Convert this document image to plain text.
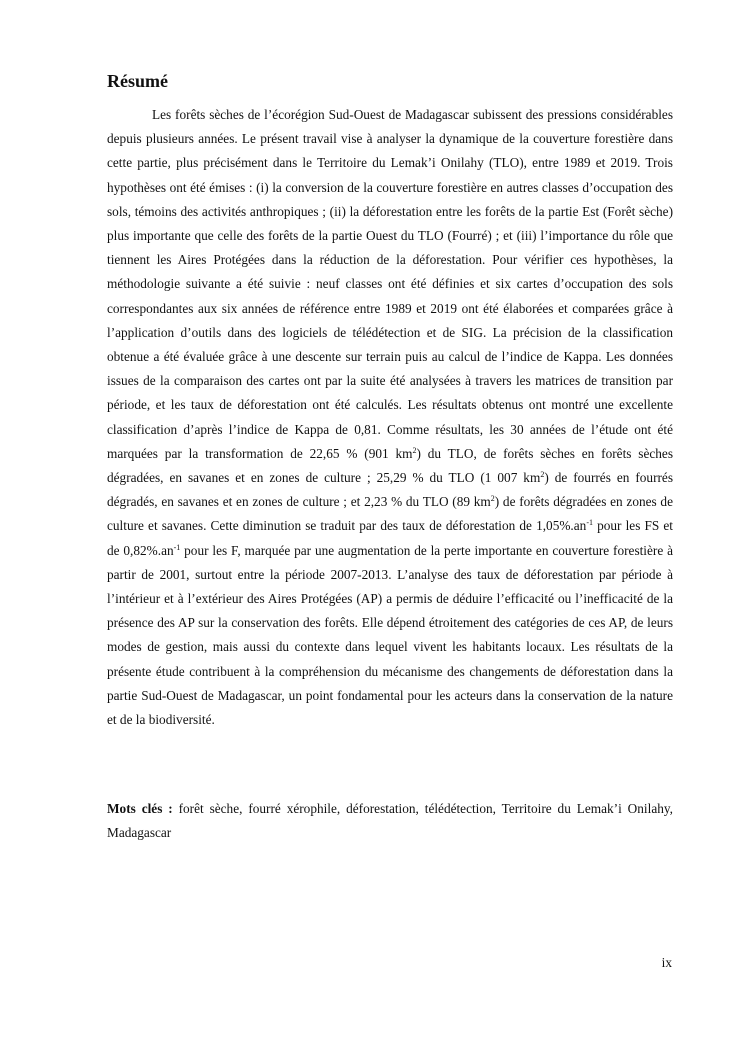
Résumé

Les forêts sèches de l’écorégion Sud-Ouest de Madagascar subissent des pressions considérables depuis plusieurs années. Le présent travail vise à analyser la dynamique de la couverture forestière dans cette partie, plus précisément dans le Territoire du Lemak’i Onilahy (TLO), entre 1989 et 2019. Trois hypothèses ont été émises : (i) la conversion de la couverture forestière en autres classes d’occupation des sols, témoins des activités anthropiques ; (ii) la déforestation entre les forêts de la partie Est (Forêt sèche) plus importante que celle des forêts de la partie Ouest du TLO (Fourré) ; et (iii) l’importance du rôle que tiennent les Aires Protégées dans la réduction de la déforestation. Pour vérifier ces hypothèses, la méthodologie suivante a été suivie : neuf classes ont été définies et six cartes d’occupation des sols correspondantes aux six années de référence entre 1989 et 2019 ont été élaborées et comparées grâce à l’application d’outils dans des logiciels de télédétection et de SIG. La précision de la classification obtenue a été évaluée grâce à une descente sur terrain puis au calcul de l’indice de Kappa. Les données issues de la comparaison des cartes ont par la suite été analysées à travers les matrices de transition par période, et les taux de déforestation ont été calculés. Les résultats obtenus ont montré une excellente classification d’après l’indice de Kappa de 0,81. Comme résultats, les 30 années de l’étude ont été marquées par la transformation de 22,65 % (901 $km^2$) du TLO, de forêts sèches en forêts sèches dégradées, en savanes et en zones de culture ; 25,29 % du TLO (1 007 $km^2$) de fourrés en fourrés dégradés, en savanes et en zones de culture ; et 2,23 % du TLO (89 $km^2$) de forêts dégradées en zones de culture et savanes. Cette diminution se traduit par des taux de déforestation de $1,05\%.an^{-1}$ pour les FS et de $0,82\%.an^{-1}$ pour les F, marquée par une augmentation de la perte importante en couverture forestière à partir de 2001, surtout entre la période 2007-2013. L’analyse des taux de déforestation par période à l’intérieur et à l’extérieur des Aires Protégées (AP) a permis de déduire l’efficacité ou l’inefficacité de la présence des AP sur la conservation des forêts. Elle dépend étroitement des catégories de ces AP, de leurs modes de gestion, mais aussi du contexte dans lequel vivent les habitants locaux. Les résultats de la présente étude contribuent à la compréhension du mécanisme des changements de déforestation dans la partie Sud-Ouest de Madagascar, un point fondamental pour les acteurs dans la conservation de la nature et de la biodiversité.

Mots clés : forêt sèche, fourré xérophile, déforestation, télédétection, Territoire du Lemak’i Onilahy, Madagascar

ix
